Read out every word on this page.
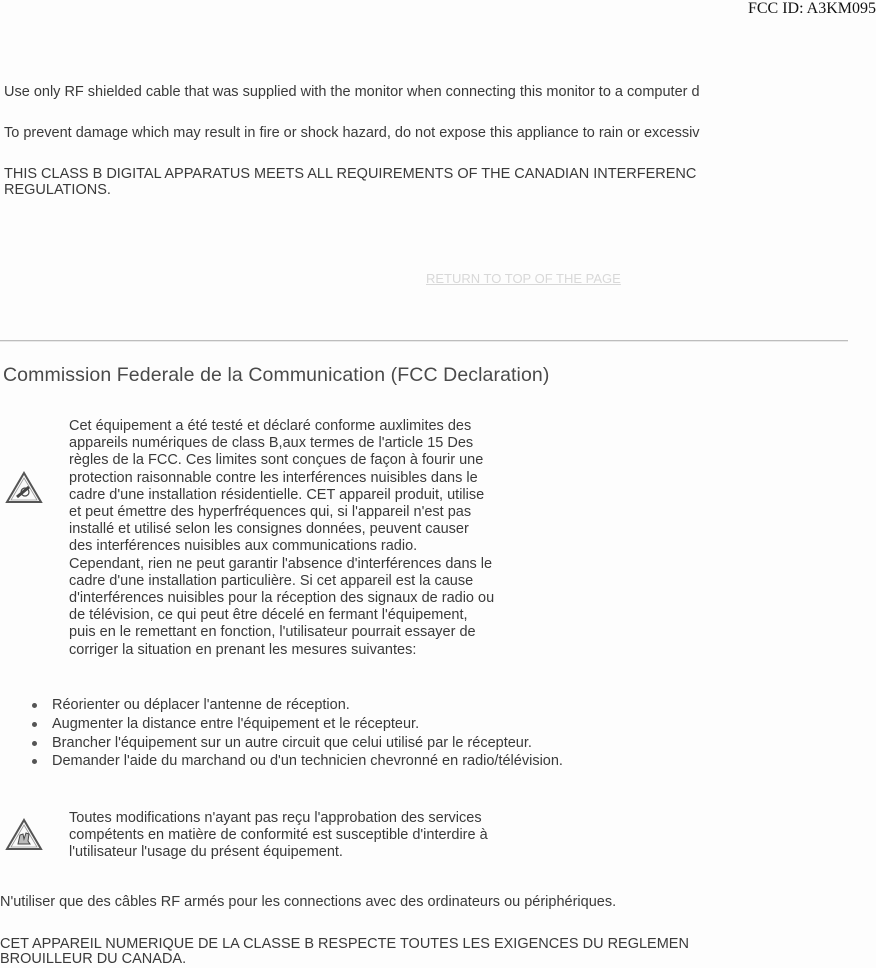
FCC ID: A3KM095
Use only RF shielded cable that was supplied with the monitor when connecting this monitor to a computer d
To prevent damage which may result in fire or shock hazard, do not expose this appliance to rain or excessiv
THIS CLASS B DIGITAL APPARATUS MEETS ALL REQUIREMENTS OF THE CANADIAN INTERFERENC
REGULATIONS.
RETURN TO TOP OF THE PAGE
Commission Federale de la Communication (FCC Declaration)
Cet équipement a été testé et déclaré conforme auxlimites des
appareils numériques de class B,aux termes de l'article 15 Des
règles de la FCC. Ces limites sont conçues de façon à fourir une
protection raisonnable contre les interférences nuisibles dans le
cadre d'une installation résidentielle. CET appareil produit, utilise
et peut émettre des hyperfréquences qui, si l'appareil n'est pas
installé et utilisé selon les consignes données, peuvent causer
des interférences nuisibles aux communications radio.
Cependant, rien ne peut garantir l'absence d'interférences dans le
cadre d'une installation particulière. Si cet appareil est la cause
d'interférences nuisibles pour la réception des signaux de radio ou
de télévision, ce qui peut être décelé en fermant l'équipement,
puis en le remettant en fonction, l'utilisateur pourrait essayer de
corriger la situation en prenant les mesures suivantes:
Réorienter ou déplacer l'antenne de réception.
Augmenter la distance entre l'équipement et le récepteur.
Brancher l'équipement sur un autre circuit que celui utilisé par le récepteur.
Demander l'aide du marchand ou d'un technicien chevronné en radio/télévision.
Toutes modifications n'ayant pas reçu l'approbation des services
compétents en matière de conformité est susceptible d'interdire à
l'utilisateur l'usage du présent équipement.
N'utiliser que des câbles RF armés pour les connections avec des ordinateurs ou périphériques.
CET APPAREIL NUMERIQUE DE LA CLASSE B RESPECTE TOUTES LES EXIGENCES DU REGLEMEN
BROUILLEUR DU CANADA.
